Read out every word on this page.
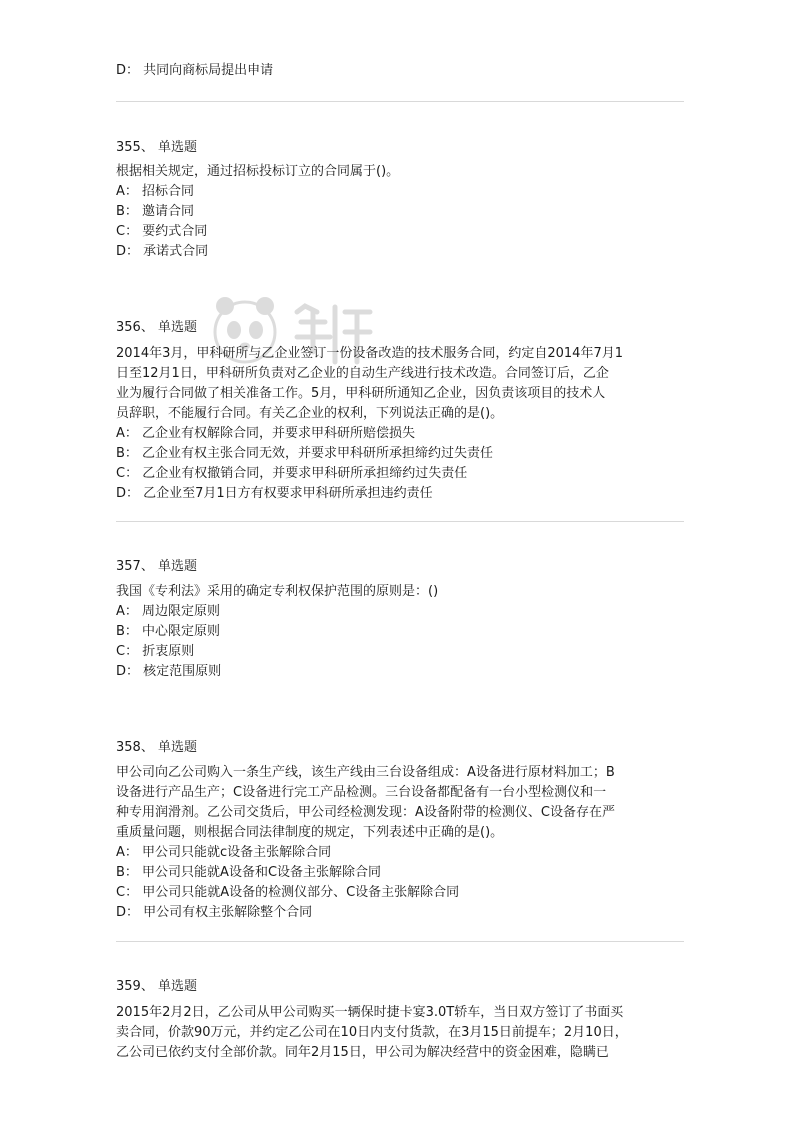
D： 共同向商标局提出申请
355、 单选题
根据相关规定，通过招标投标订立的合同属于()。
A： 招标合同
B： 邀请合同
C： 要约式合同
D： 承诺式合同
356、 单选题
2014年3月，甲科研所与乙企业签订一份设备改造的技术服务合同，约定自2014年7月1
日至12月1日，甲科研所负责对乙企业的自动生产线进行技术改造。合同签订后，乙企
业为履行合同做了相关准备工作。5月，甲科研所通知乙企业，因负责该项目的技术人
员辞职，不能履行合同。有关乙企业的权利，下列说法正确的是()。
A： 乙企业有权解除合同，并要求甲科研所赔偿损失
B： 乙企业有权主张合同无效，并要求甲科研所承担缔约过失责任
C： 乙企业有权撤销合同，并要求甲科研所承担缔约过失责任
D： 乙企业至7月1日方有权要求甲科研所承担违约责任
357、 单选题
我国《专利法》采用的确定专利权保护范围的原则是：()
A： 周边限定原则
B： 中心限定原则
C： 折衷原则
D： 核定范围原则
358、 单选题
甲公司向乙公司购入一条生产线，该生产线由三台设备组成：A设备进行原材料加工；B
设备进行产品生产；C设备进行完工产品检测。三台设备都配备有一台小型检测仪和一
种专用润滑剂。乙公司交货后，甲公司经检测发现：A设备附带的检测仪、C设备存在严
重质量问题，则根据合同法律制度的规定，下列表述中正确的是()。
A： 甲公司只能就c设备主张解除合同
B： 甲公司只能就A设备和C设备主张解除合同
C： 甲公司只能就A设备的检测仪部分、C设备主张解除合同
D： 甲公司有权主张解除整个合同
359、 单选题
2015年2月2日，乙公司从甲公司购买一辆保时捷卡宴3.0T轿车，当日双方签订了书面买
卖合同，价款90万元，并约定乙公司在10日内支付货款，在3月15日前提车；2月10日，
乙公司已依约支付全部价款。同年2月15日，甲公司为解决经营中的资金困难，隐瞒已
